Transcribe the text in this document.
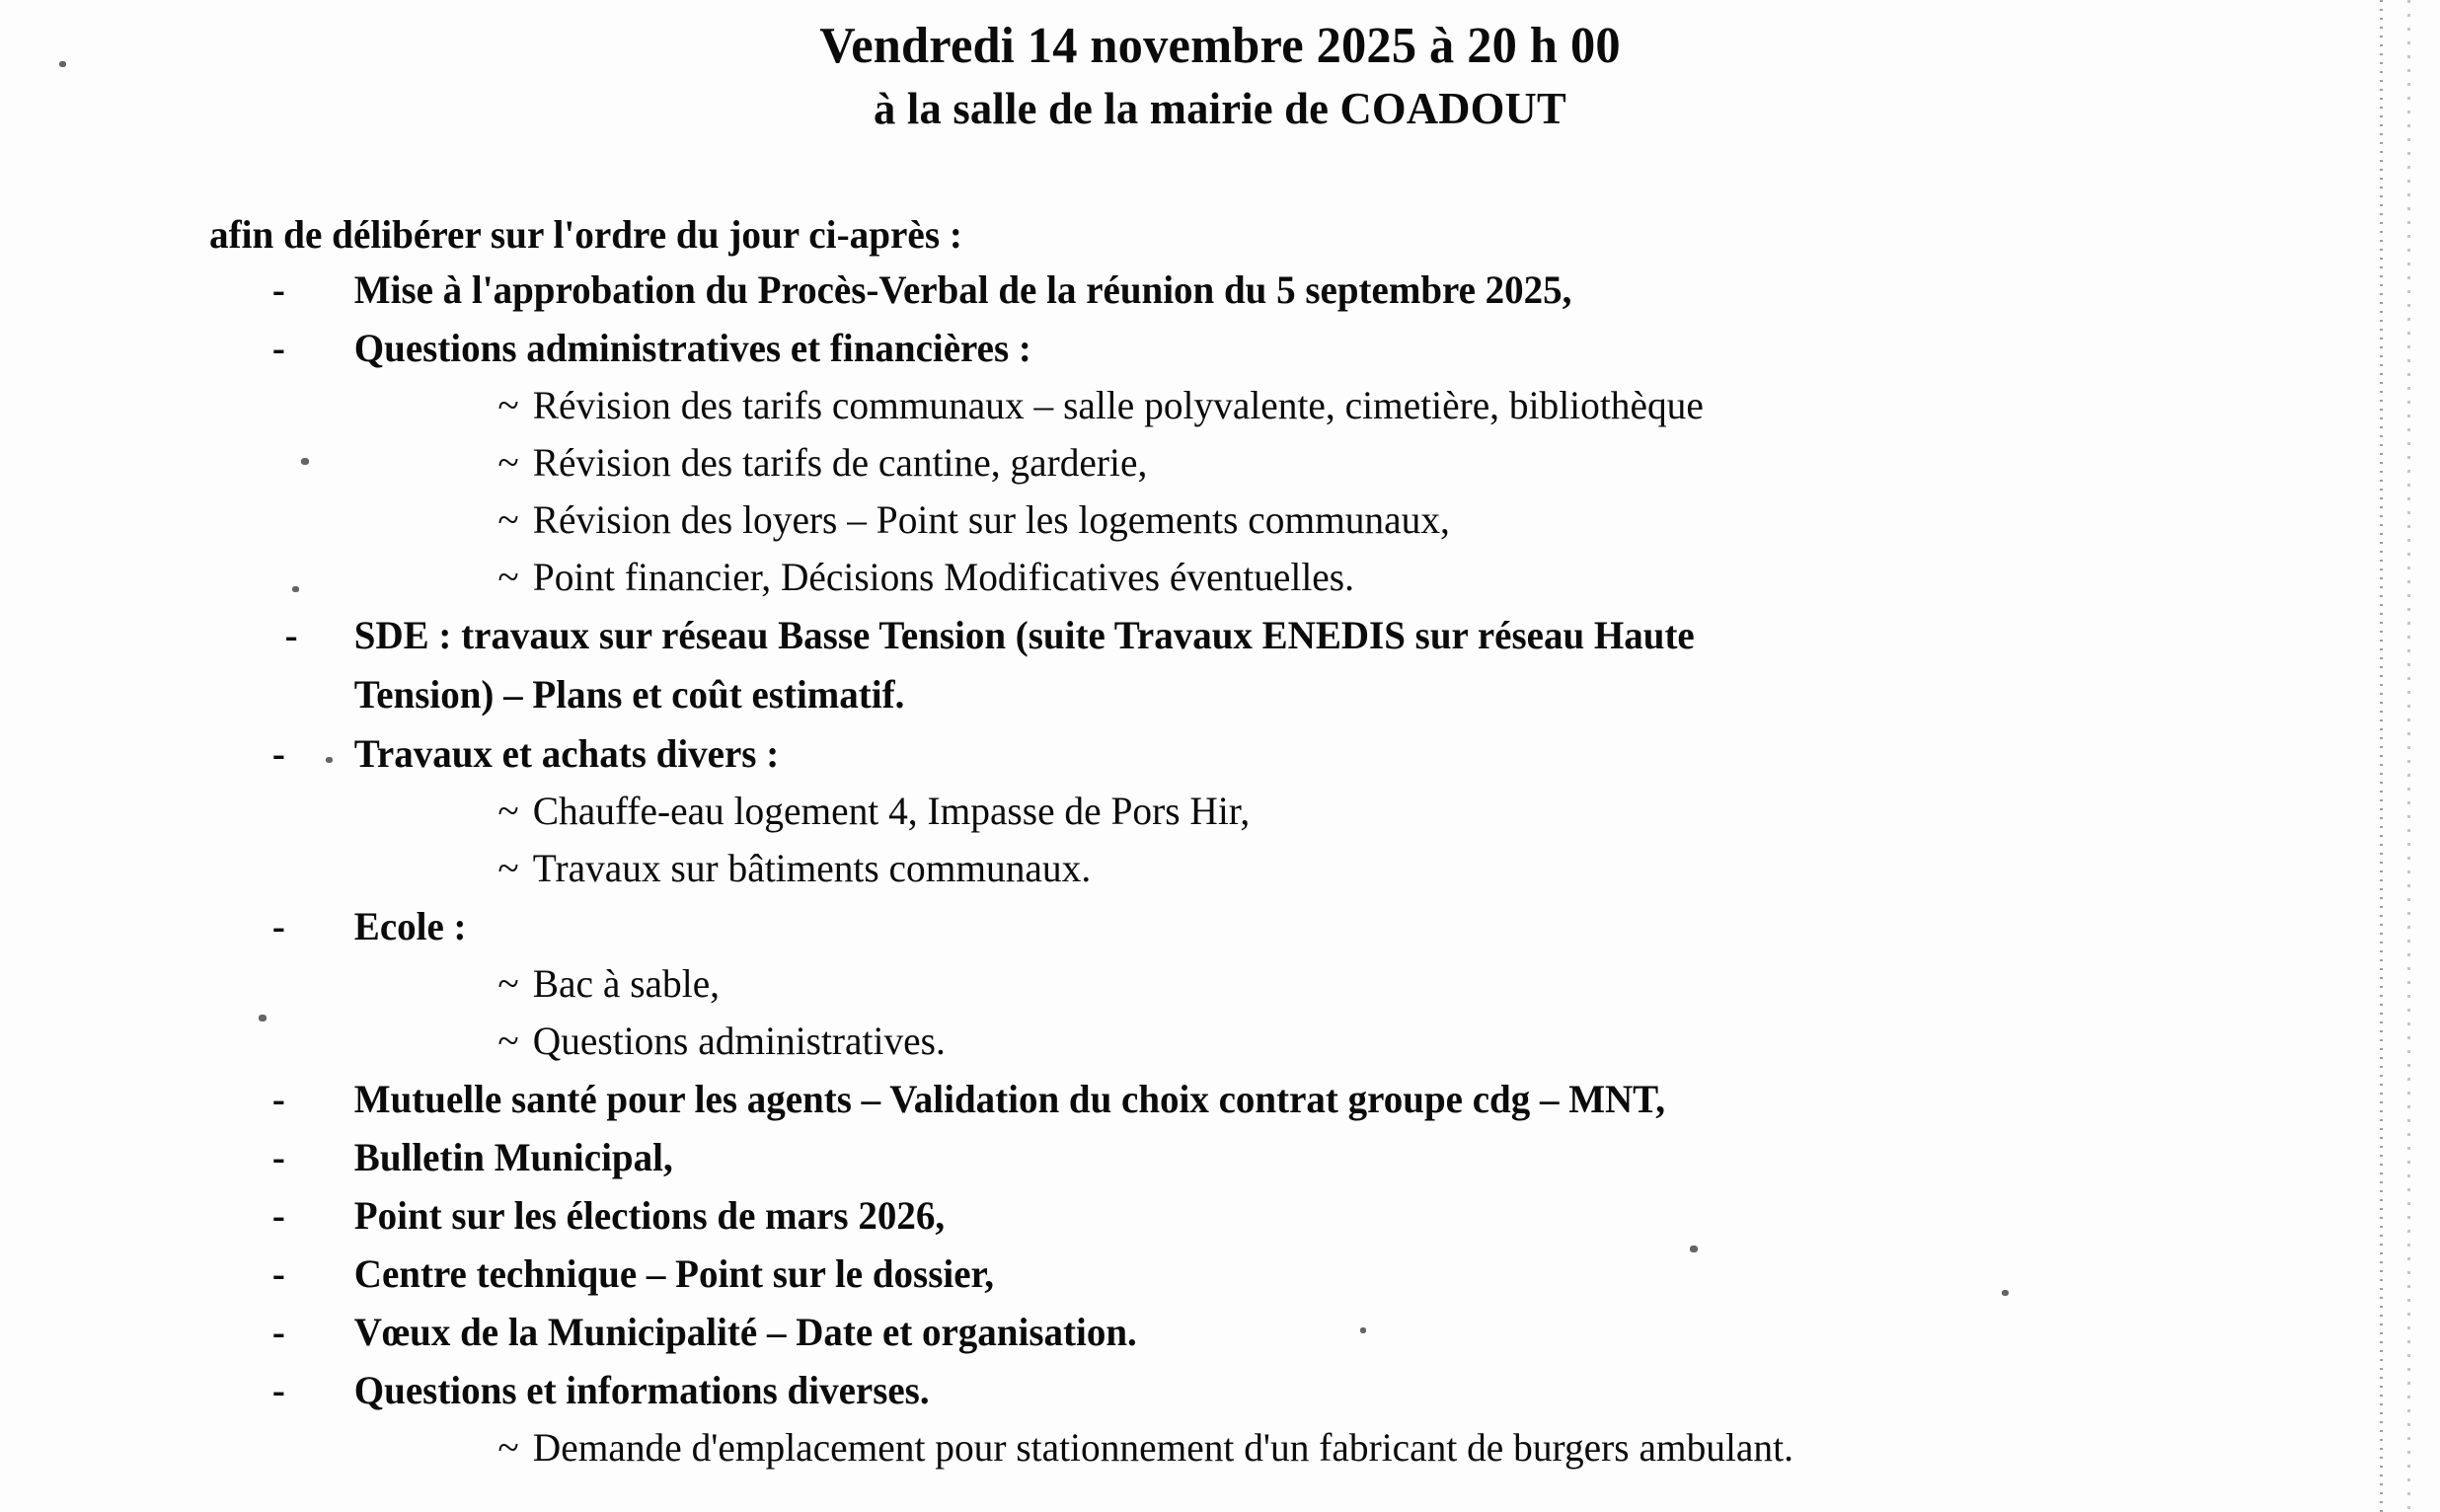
Vendredi 14 novembre 2025 à 20 h 00
à la salle de la mairie de COADOUT
afin de délibérer sur l'ordre du jour ci-après :
- Mise à l'approbation du Procès-Verbal de la réunion du 5 septembre 2025,
- Questions administratives et financières :
~ Révision des tarifs communaux – salle polyvalente, cimetière, bibliothèque
~ Révision des tarifs de cantine, garderie,
~ Révision des loyers – Point sur les logements communaux,
~ Point financier, Décisions Modificatives éventuelles.
-	SDE : travaux sur réseau Basse Tension (suite Travaux ENEDIS sur réseau Haute
Tension) – Plans et coût estimatif.
- Travaux et achats divers :
~ Chauffe-eau logement 4, Impasse de Pors Hir,
~ Travaux sur bâtiments communaux.
- Ecole :
~ Bac à sable,
~ Questions administratives.
- Mutuelle santé pour les agents – Validation du choix contrat groupe cdg – MNT,
- Bulletin Municipal,
- Point sur les élections de mars 2026,
- Centre technique – Point sur le dossier,
- Vœux de la Municipalité – Date et organisation.
- Questions et informations diverses.
~ Demande d'emplacement pour stationnement d'un fabricant de burgers ambulant.
